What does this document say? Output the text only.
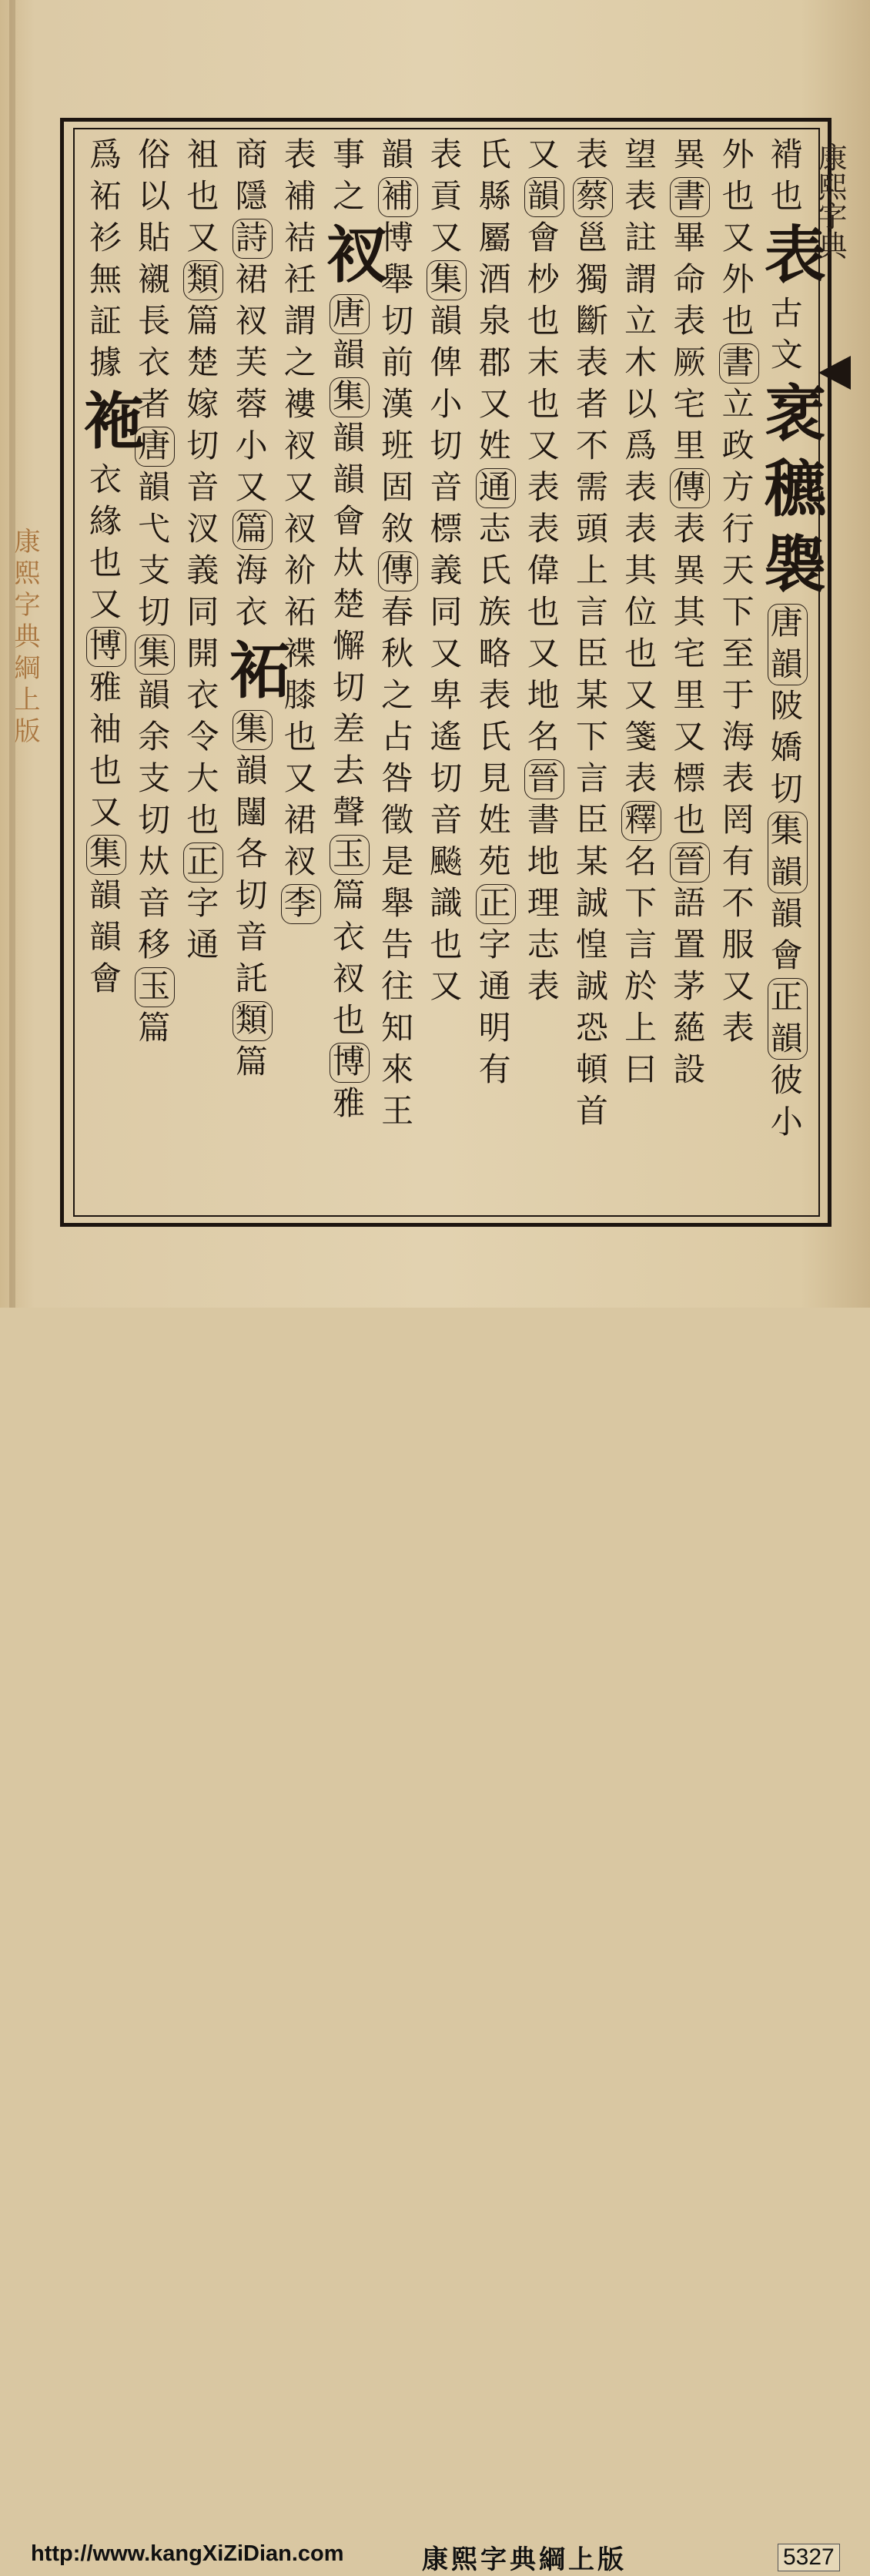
康熙字典綱上版
康熙字典
褙
也
表
古
文
衺
穮
褜
唐
韻
陂
嬌
切
集
韻
韻
會
正
韻
彼
小
外
也
又
外
也
書
立
政
方
行
天
下
至
于
海
表
罔
有
不
服
又
表
異
書
畢
命
表
厥
宅
里
傳
表
異
其
宅
里
又
標
也
晉
語
置
茅
蕝
設
望
表
註
謂
立
木
以
爲
表
表
其
位
也
又
箋
表
釋
名
下
言
於
上
曰
表
蔡
邕
獨
斷
表
者
不
需
頭
上
言
臣
某
下
言
臣
某
誠
惶
誠
恐
頓
首
又
韻
會
杪
也
末
也
又
表
表
偉
也
又
地
名
晉
書
地
理
志
表
氏
縣
屬
酒
泉
郡
又
姓
通
志
氏
族
略
表
氏
見
姓
苑
正
字
通
明
有
表
貢
又
集
韻
俾
小
切
音
標
義
同
又
卑
遙
切
音
飈
識
也
又
韻
補
博
舉
切
前
漢
班
固
敘
傳
春
秋
之
占
咎
徵
是
舉
告
往
知
來
王
事
之
衩
唐
韻
集
韻
韻
會
夶
楚
懈
切
差
去
聲
玉
篇
衣
衩
也
博
雅
表
補
袺
衽
謂
之
褸
衩
又
衩
衸
袥
褋
膝
也
又
裙
衩
李
商
隱
詩
裙
衩
芙
蓉
小
又
篇
海
衣
袥
集
韻
闥
各
切
音
託
類
篇
袓
也
又
類
篇
楚
嫁
切
音
汊
義
同
開
衣
令
大
也
正
字
通
俗
以
貼
襯
長
衣
者
唐
韻
弋
支
切
集
韻
余
支
切
夶
音
移
玉
篇
爲
袥
衫
無
証
據
袘
衣
緣
也
又
博
雅
袖
也
又
集
韻
韻
會
http://www.kangXiZiDian.com	康熙字典綱上版	5327
